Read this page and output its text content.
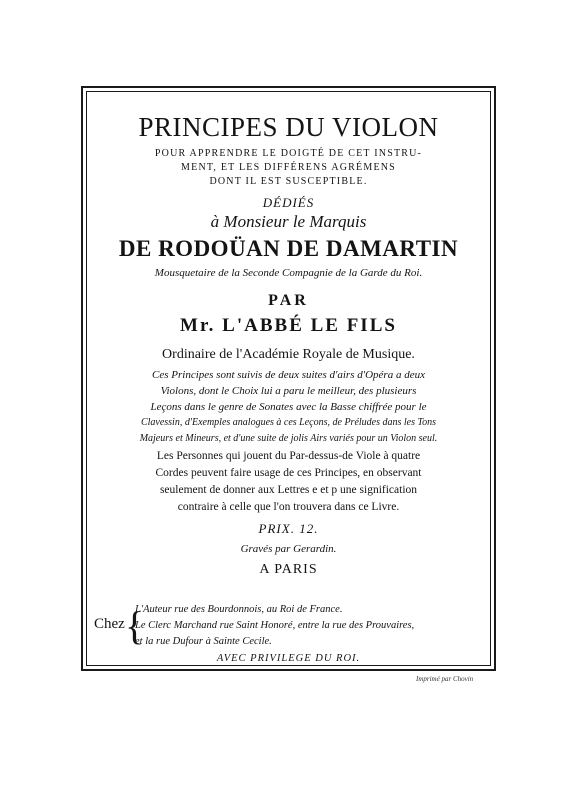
PRINCIPES DU VIOLON
POUR APPRENDRE LE DOIGTÉ DE CET INSTRU-
MENT, ET LES DIFFÉRENS AGRÉMENS
DONT IL EST SUSCEPTIBLE.
DÉDIÉS
à Monsieur le Marquis
DE RODOÜAN DE DAMARTIN
Mousquetaire de la Seconde Compagnie de la Garde du Roi.
PAR
Mr. L'ABBÉ LE FILS
Ordinaire de l'Académie Royale de Musique.
Ces Principes sont suivis de deux suites d'airs d'Opéra a deux
Violons, dont le Choix lui a paru le meilleur, des plusieurs
Leçons dans le genre de Sonates avec la Basse chiffrée pour le
Clavessin, d'Exemples analogues à ces Leçons, de Préludes dans les Tons
Majeurs et Mineurs, et d'une suite de jolis Airs variés pour un Violon seul.
Les Personnes qui jouent du Par-dessus-de Viole à quatre
Cordes peuvent faire usage de ces Principes, en observant
seulement de donner aux Lettres e et p une signification
contraire à celle que l'on trouvera dans ce Livre.
PRIX. 12.
Gravés par Gerardin.
A PARIS
Chez {
L'Auteur rue des Bourdonnois, au Roi de France.
Le Clerc Marchand rue Saint Honoré, entre la rue des Prouvaires,
et la rue Dufour à Sainte Cecile.
AVEC PRIVILEGE DU ROI.
Imprimé par Chovin
